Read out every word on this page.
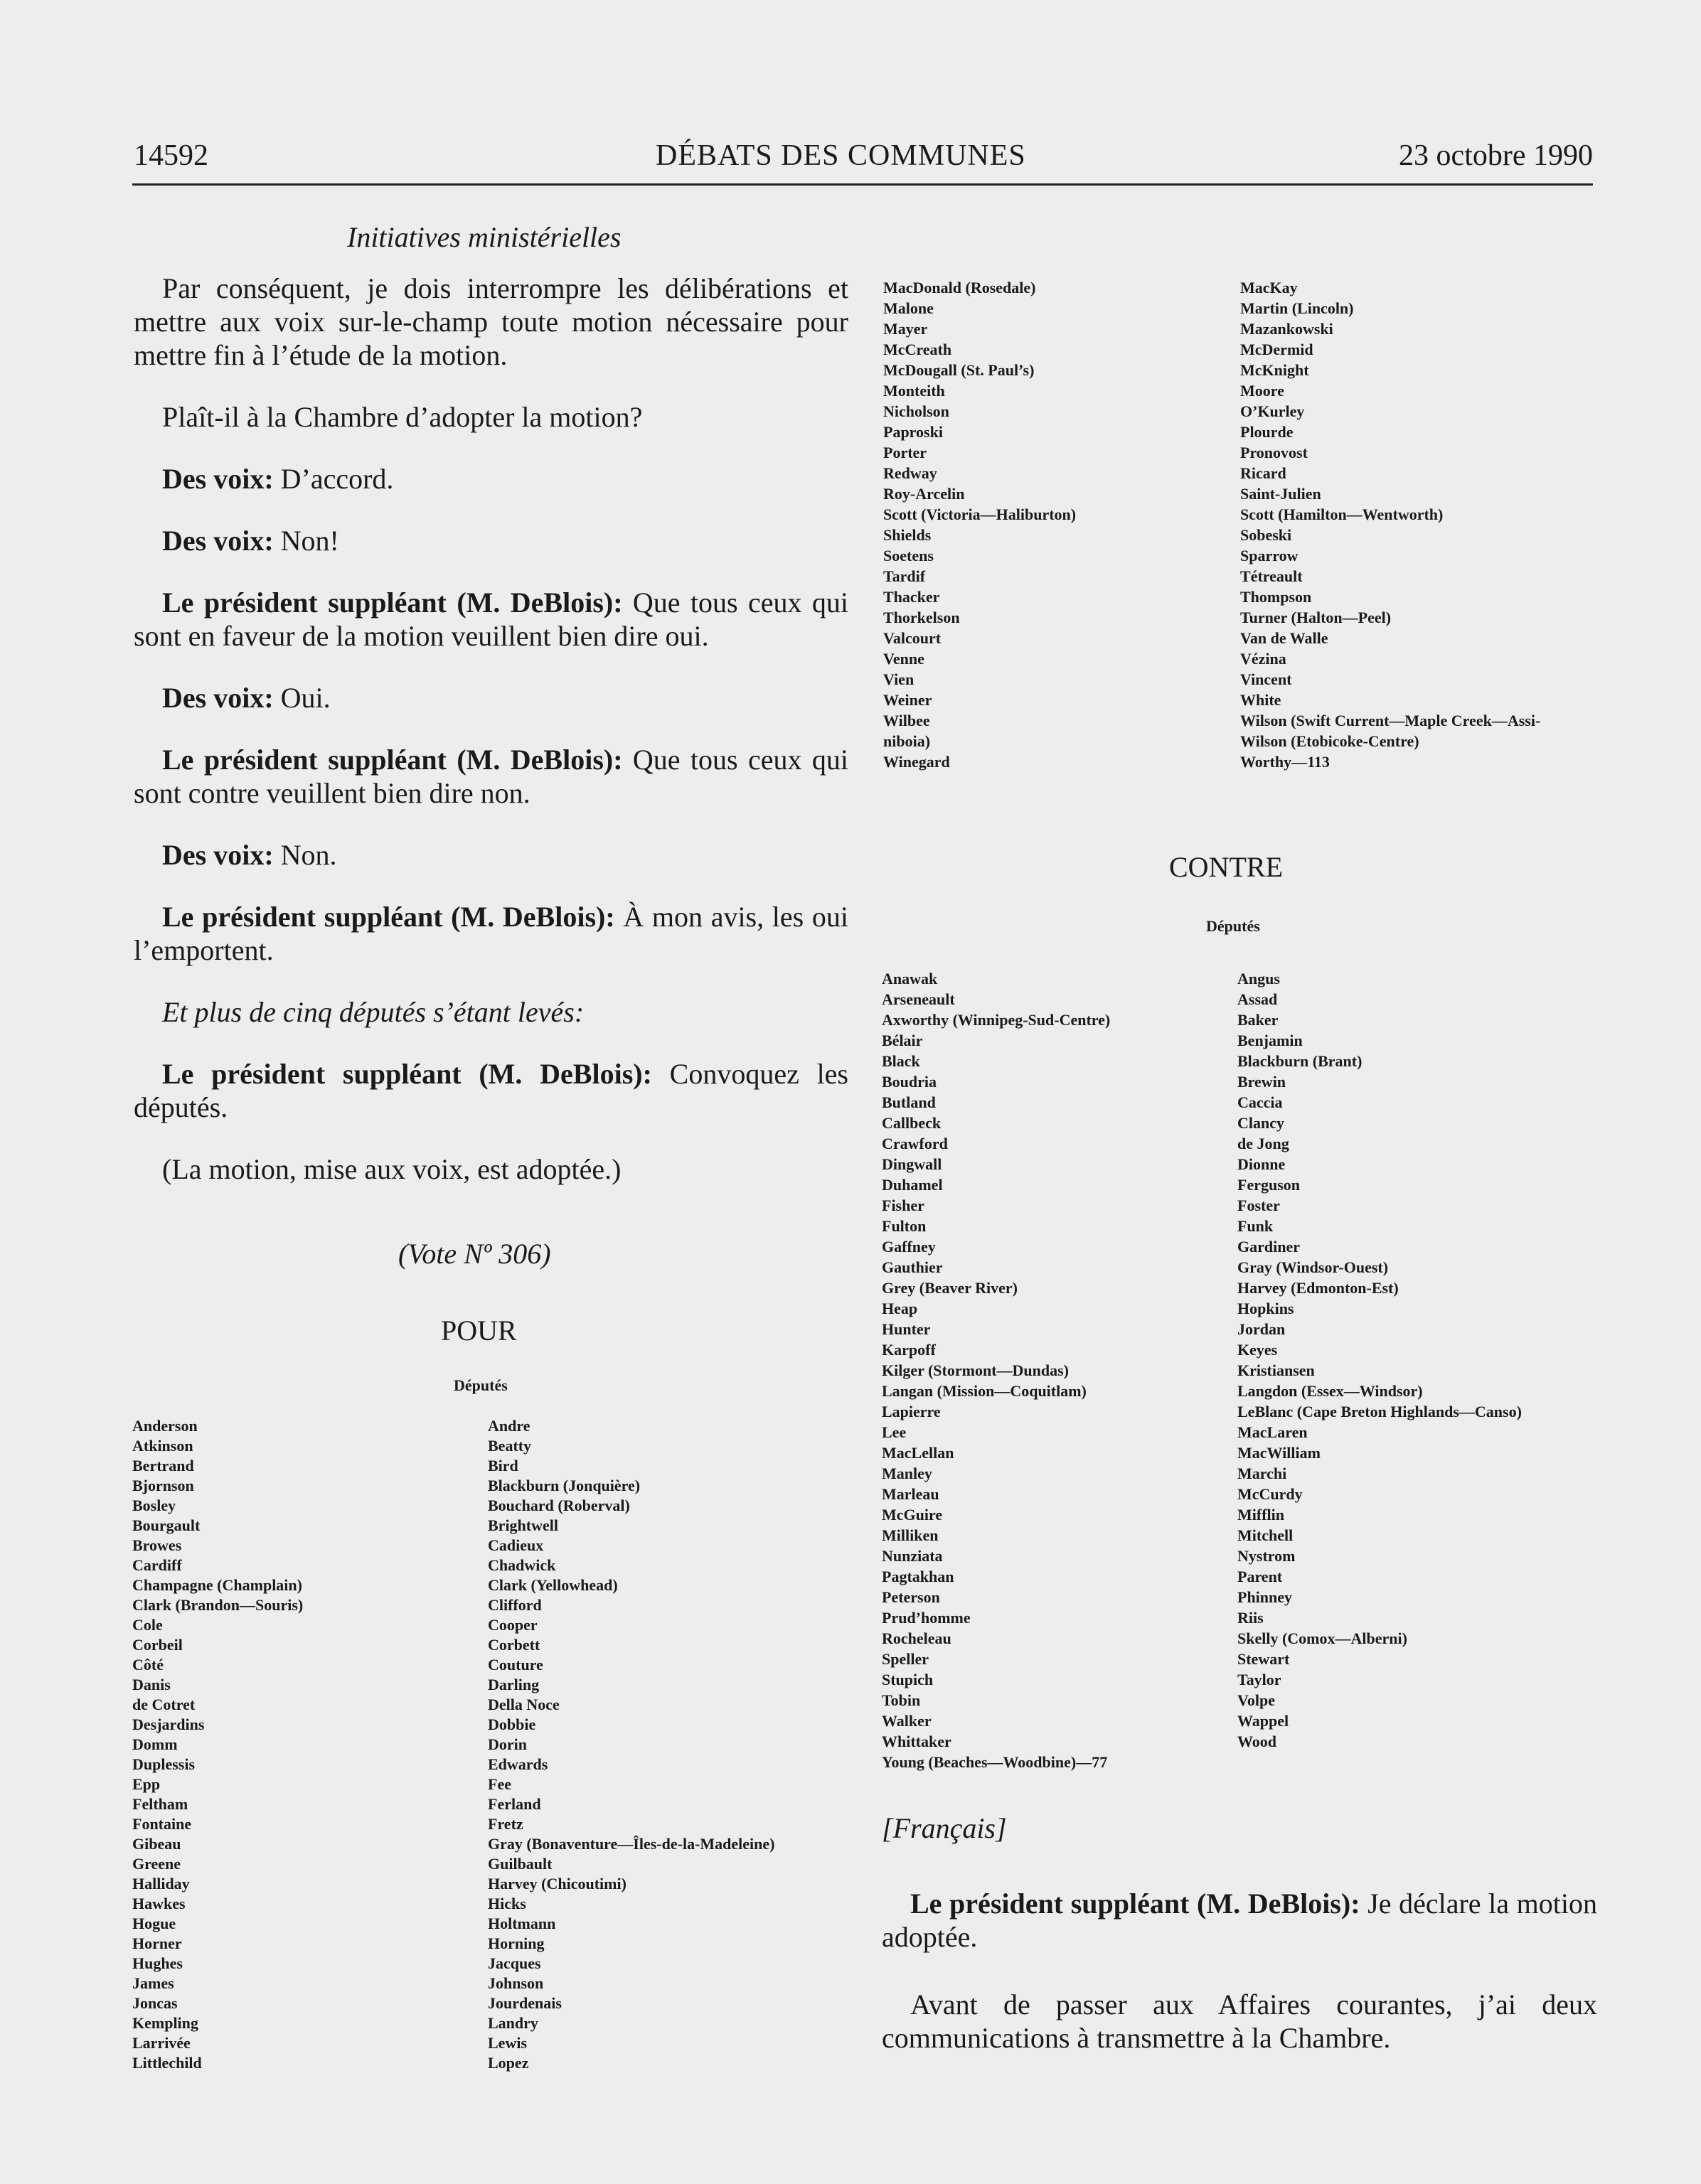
14592	DÉBATS DES COMMUNES	23 octobre 1990
Initiatives ministérielles

Par conséquent, je dois interrompre les délibérations et mettre aux voix sur-le-champ toute motion nécessaire pour mettre fin à l’étude de la motion.

Plaît-il à la Chambre d’adopter la motion?

Des voix: D’accord.

Des voix: Non!

Le président suppléant (M. DeBlois): Que tous ceux qui sont en faveur de la motion veuillent bien dire oui.

Des voix: Oui.

Le président suppléant (M. DeBlois): Que tous ceux qui sont contre veuillent bien dire non.

Des voix: Non.

Le président suppléant (M. DeBlois): À mon avis, les oui l’emportent.

Et plus de cinq députés s’étant levés:

Le président suppléant (M. DeBlois): Convoquez les députés.

(La motion, mise aux voix, est adoptée.)

(Vote Nº 306)
POUR
Députés
Anderson
Atkinson
Bertrand
Bjornson
Bosley
Bourgault
Browes
Cardiff
Champagne (Champlain)
Clark (Brandon—Souris)
Cole
Corbeil
Côté
Danis
de Cotret
Desjardins
Domm
Duplessis
Epp
Feltham
Fontaine
Gibeau
Greene
Halliday
Hawkes
Hogue
Horner
Hughes
James
Joncas
Kempling
Larrivée
Littlechild
Andre
Beatty
Bird
Blackburn (Jonquière)
Bouchard (Roberval)
Brightwell
Cadieux
Chadwick
Clark (Yellowhead)
Clifford
Cooper
Corbett
Couture
Darling
Della Noce
Dobbie
Dorin
Edwards
Fee
Ferland
Fretz
Gray (Bonaventure—Îles-de-la-Madeleine)
Guilbault
Harvey (Chicoutimi)
Hicks
Holtmann
Horning
Jacques
Johnson
Jourdenais
Landry
Lewis
Lopez
MacDonald (Rosedale)
Malone
Mayer
McCreath
McDougall (St. Paul’s)
Monteith
Nicholson
Paproski
Porter
Redway
Roy-Arcelin
Scott (Victoria—Haliburton)
Shields
Soetens
Tardif
Thacker
Thorkelson
Valcourt
Venne
Vien
Weiner
Wilbee
niboia)
Winegard
MacKay
Martin (Lincoln)
Mazankowski
McDermid
McKnight
Moore
O’Kurley
Plourde
Pronovost
Ricard
Saint-Julien
Scott (Hamilton—Wentworth)
Sobeski
Sparrow
Tétreault
Thompson
Turner (Halton—Peel)
Van de Walle
Vézina
Vincent
White
Wilson (Swift Current—Maple Creek—Assi-
Wilson (Etobicoke-Centre)
Worthy—113
CONTRE
Députés
Anawak
Arseneault
Axworthy (Winnipeg-Sud-Centre)
Bélair
Black
Boudria
Butland
Callbeck
Crawford
Dingwall
Duhamel
Fisher
Fulton
Gaffney
Gauthier
Grey (Beaver River)
Heap
Hunter
Karpoff
Kilger (Stormont—Dundas)
Langan (Mission—Coquitlam)
Lapierre
Lee
MacLellan
Manley
Marleau
McGuire
Milliken
Nunziata
Pagtakhan
Peterson
Prud’homme
Rocheleau
Speller
Stupich
Tobin
Walker
Whittaker
Young (Beaches—Woodbine)—77
Angus
Assad
Baker
Benjamin
Blackburn (Brant)
Brewin
Caccia
Clancy
de Jong
Dionne
Ferguson
Foster
Funk
Gardiner
Gray (Windsor-Ouest)
Harvey (Edmonton-Est)
Hopkins
Jordan
Keyes
Kristiansen
Langdon (Essex—Windsor)
LeBlanc (Cape Breton Highlands—Canso)
MacLaren
MacWilliam
Marchi
McCurdy
Mifflin
Mitchell
Nystrom
Parent
Phinney
Riis
Skelly (Comox—Alberni)
Stewart
Taylor
Volpe
Wappel
Wood
[Français]

Le président suppléant (M. DeBlois): Je déclare la motion adoptée.

Avant de passer aux Affaires courantes, j’ai deux communications à transmettre à la Chambre.
